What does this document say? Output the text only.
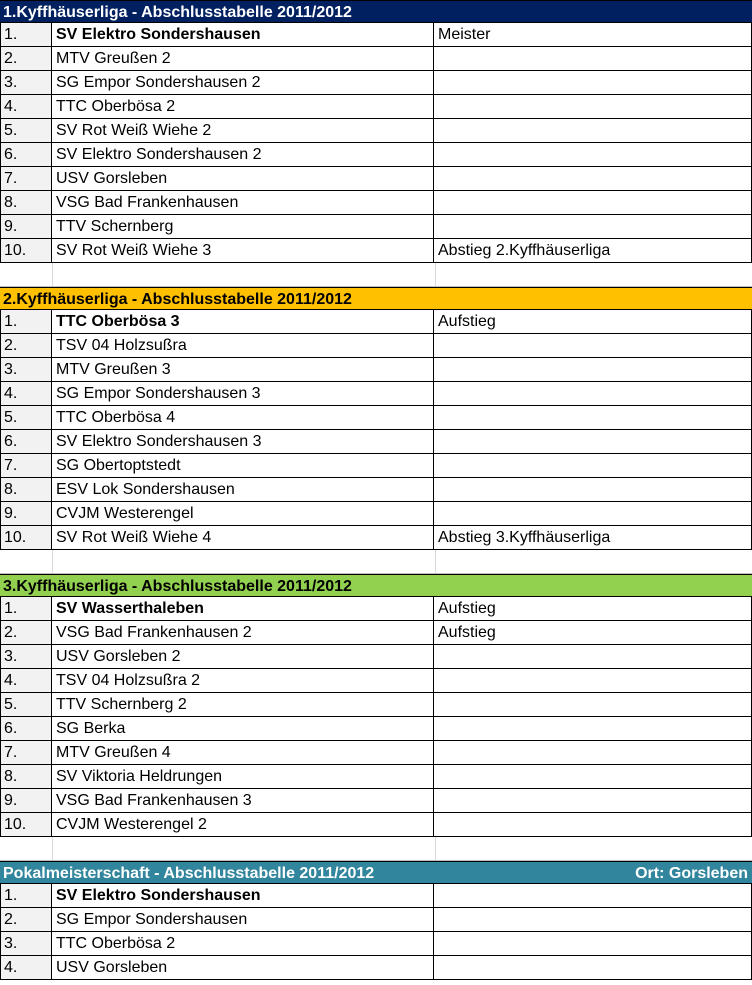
1.Kyffhäuserliga - Abschlusstabelle 2011/2012
1.	SV Elektro Sondershausen	Meister
2.	MTV Greußen 2
3.	SG Empor Sondershausen 2
4.	TTC Oberbösa 2
5.	SV Rot Weiß Wiehe 2
6.	SV Elektro Sondershausen 2
7.	USV Gorsleben
8.	VSG Bad Frankenhausen
9.	TTV Schernberg
10.	SV Rot Weiß Wiehe 3	Abstieg 2.Kyffhäuserliga
2.Kyffhäuserliga - Abschlusstabelle 2011/2012
1.	TTC Oberbösa 3	Aufstieg
2.	TSV 04 Holzsußra
3.	MTV Greußen 3
4.	SG Empor Sondershausen 3
5.	TTC Oberbösa 4
6.	SV Elektro Sondershausen 3
7.	SG Obertoptstedt
8.	ESV Lok Sondershausen
9.	CVJM Westerengel
10.	SV Rot Weiß Wiehe 4	Abstieg 3.Kyffhäuserliga
3.Kyffhäuserliga - Abschlusstabelle 2011/2012
1.	SV Wasserthaleben	Aufstieg
2.	VSG Bad Frankenhausen 2	Aufstieg
3.	USV Gorsleben 2
4.	TSV 04 Holzsußra 2
5.	TTV Schernberg 2
6.	SG Berka
7.	MTV Greußen 4
8.	SV Viktoria Heldrungen
9.	VSG Bad Frankenhausen 3
10.	CVJM Westerengel 2
Pokalmeisterschaft - Abschlusstabelle 2011/2012	Ort: Gorsleben
1.	SV Elektro Sondershausen
2.	SG Empor Sondershausen
3.	TTC Oberbösa 2
4.	USV Gorsleben
